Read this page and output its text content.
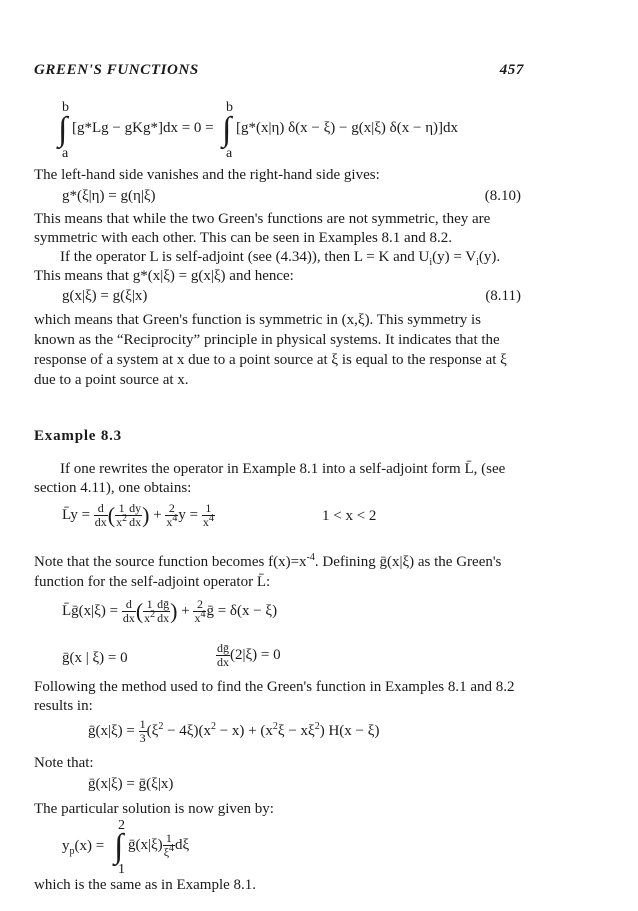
GREEN'S FUNCTIONS	457
b
∫
a
[g*Lg − gKg*]dx = 0 =
b
∫
a
[g*(x|η) δ(x − ξ) − g(x|ξ) δ(x − η)]dx

The left-hand side vanishes and the right-hand side gives:

g*(ξ|η) = g(η|ξ)	(8.10)

This means that while the two Green's functions are not symmetric, they are symmetric with each other. This can be seen in Examples 8.1 and 8.2.

If the operator L is self-adjoint (see (4.34)), then L = K and $U_i(y) = V_i(y)$. This means that g*(x|ξ) = g(x|ξ) and hence:

g(x|ξ) = g(ξ|x)	(8.11)

which means that Green's function is symmetric in (x,ξ). This symmetry is known as the “Reciprocity” principle in physical systems. It indicates that the response of a system at x due to a point source at ξ is equal to the response at ξ due to a point source at x.

Example 8.3

If one rewrites the operator in Example 8.1 into a self-adjoint form L̄, (see section 4.11), one obtains:

L̄y = $\frac{d}{dx}$ ( $\frac{1}{x^2} \frac{dy}{dx}$ ) + $\frac{2}{x^4}$ $y = \frac{1}{x^4}$	1 < x < 2

Note that the source function becomes $f(x)=x^{-4}$. Defining ḡ(x|ξ) as the Green's function for the self-adjoint operator L̄:

L̄ḡ(x|ξ) = $\frac{d}{dx}$ ( $\frac{1}{x^2} \frac{\text{dḡ}}{dx}$ ) + $\frac{2}{x^4}$ ḡ = δ(x − ξ)
ḡ(x | ξ) = 0	$\frac{\text{dḡ}}{dx} (2|\xi) = 0$

Following the method used to find the Green's function in Examples 8.1 and 8.2 results in:

ḡ(x|ξ) = $\frac{1}{3} (\xi^2 - 4\xi)(x^2 - x) + (x^2\xi - x\xi^2) H(x - \xi)$

Note that:

ḡ(x|ξ) = ḡ(ξ|x)

The particular solution is now given by:

2
$y_p(x)$ = ∫
1
ḡ(x|ξ) $\frac{1}{\xi^4}$ dξ

which is the same as in Example 8.1.
